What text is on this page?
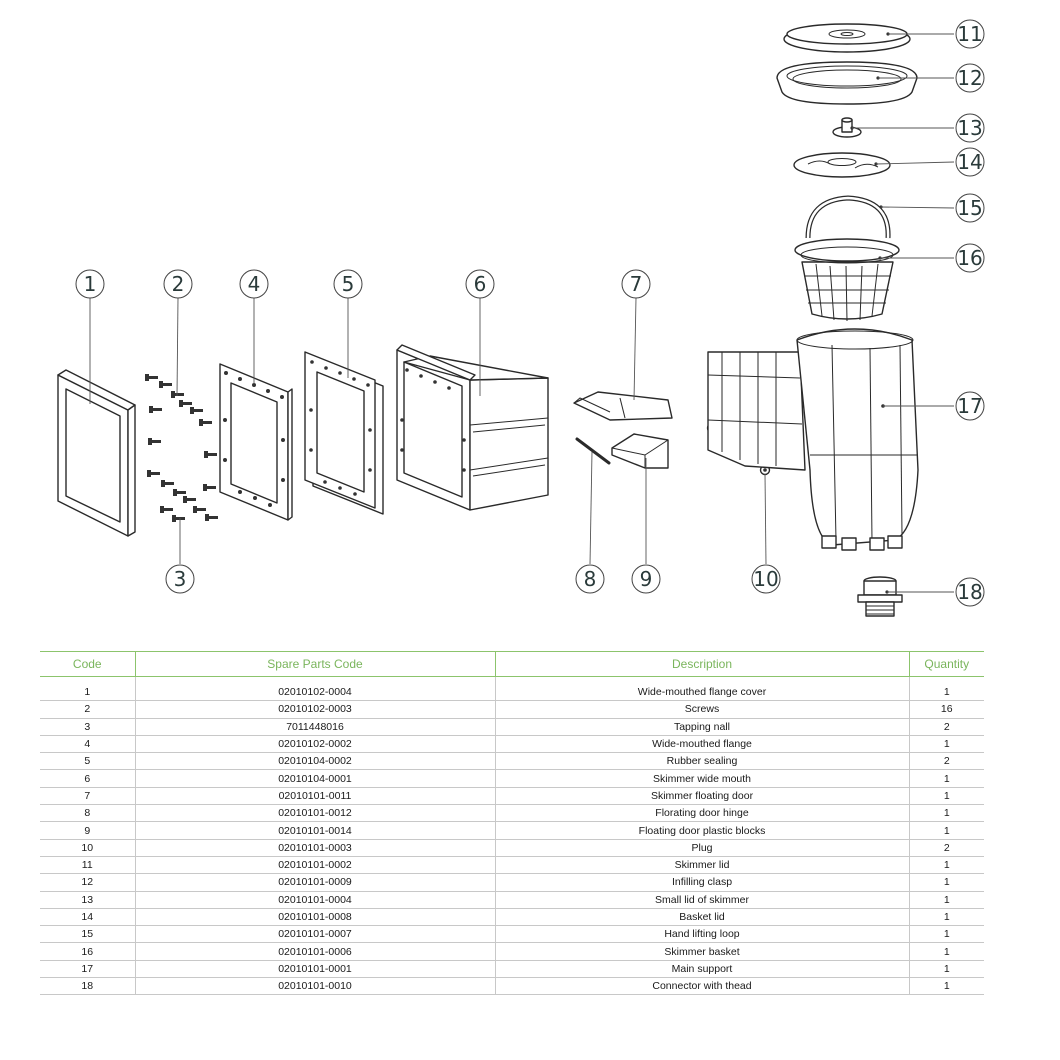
1	2
3
4	5	6	7
8 9	10
11
12
13
14
15
16
17
18
Code	Spare Parts Code	Description	Quantity

1	02010102-0004	Wide-mouthed flange cover	1
2	02010102-0003	Screws	16
3	7011448016	Tapping nall	2
4	02010102-0002	Wide-mouthed flange	1
5	02010104-0002	Rubber sealing	2
6	02010104-0001	Skimmer wide mouth	1
7	02010101-0011	Skimmer floating door	1
8	02010101-0012	Florating door hinge	1
9	02010101-0014	Floating door plastic blocks	1
10	02010101-0003	Plug	2
11	02010101-0002	Skimmer lid	1
12	02010101-0009	Infilling clasp	1
13	02010101-0004	Small lid of skimmer	1
14	02010101-0008	Basket lid	1
15	02010101-0007	Hand lifting loop	1
16	02010101-0006	Skimmer basket	1
17	02010101-0001	Main support	1
18	02010101-0010	Connector with thead	1
